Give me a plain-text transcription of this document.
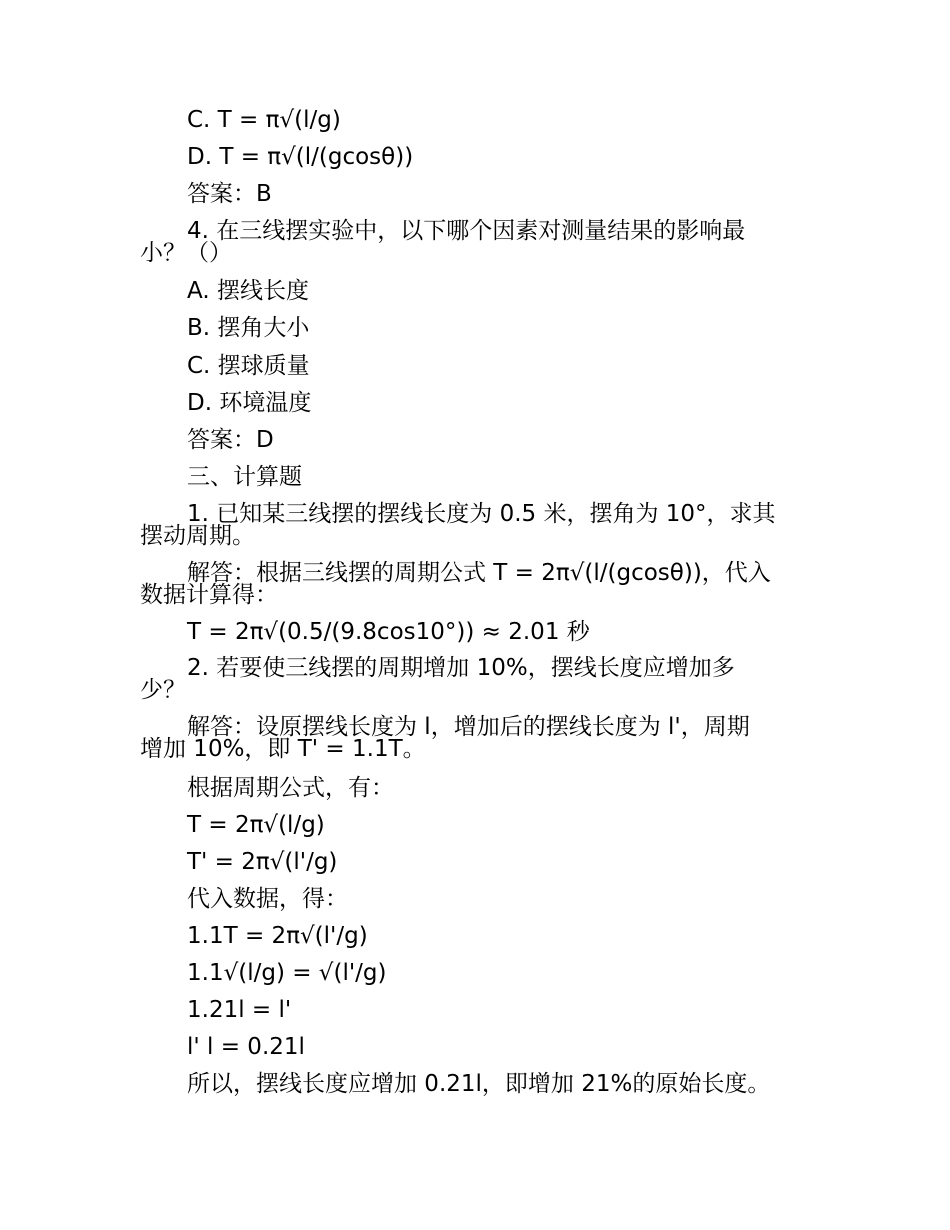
C. T = π√(l/g)

D. T = π√(l/(gcosθ))

答案：B

4. 在三线摆实验中，以下哪个因素对测量结果的影响最
小？（）

A. 摆线长度

B. 摆角大小

C. 摆球质量

D. 环境温度

答案：D

三、计算题

1. 已知某三线摆的摆线长度为 0.5 米，摆角为 10°，求其
摆动周期。
解答：根据三线摆的周期公式 T = 2π√(l/(gcosθ))，代入
数据计算得：

T = 2π√(0.5/(9.8cos10°)) ≈ 2.01 秒

2. 若要使三线摆的周期增加 10%，摆线长度应增加多
少？
解答：设原摆线长度为 l，增加后的摆线长度为 l'，周期
增加 10%，即 T' = 1.1T。

根据周期公式，有：

T = 2π√(l/g)

T' = 2π√(l'/g)

代入数据，得：

1.1T = 2π√(l'/g)

1.1√(l/g) = √(l'/g)

1.21l = l'

l' l = 0.21l

所以，摆线长度应增加 0.21l，即增加 21%的原始长度。
